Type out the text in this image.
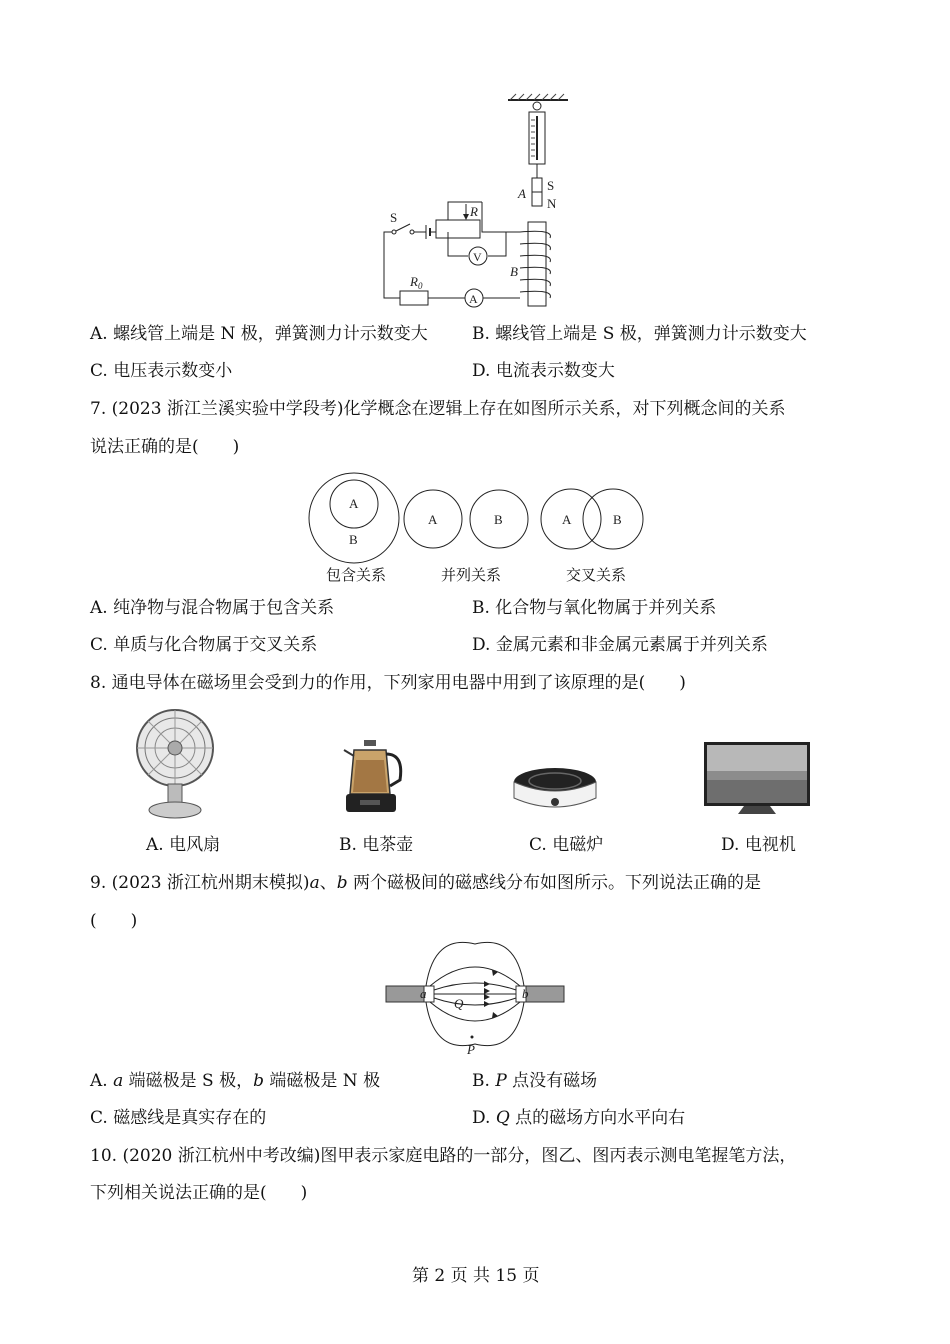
A
S
N
B
S	R
V
$R_0$
A
A. 螺线管上端是 N 极，弹簧测力计示数变大	B. 螺线管上端是 S 极，弹簧测力计示数变大
C. 电压表示数变小	D. 电流表示数变大
7. (2023 浙江兰溪实验中学段考)化学概念在逻辑上存在如图所示关系，对下列概念间的关系
说法正确的是(　　)
A
B
A	B	A	B
包含关系	并列关系	交叉关系
A. 纯净物与混合物属于包含关系	B. 化合物与氧化物属于并列关系
C. 单质与化合物属于交叉关系	D. 金属元素和非金属元素属于并列关系
8. 通电导体在磁场里会受到力的作用，下列家用电器中用到了该原理的是(　　)
A. 电风扇	B. 电茶壶	C. 电磁炉	D. 电视机
9. (2023 浙江杭州期末模拟)a、b 两个磁极间的磁感线分布如图所示。下列说法正确的是
(　　)
a	b
Q
P
A. a 端磁极是 S 极，b 端磁极是 N 极	B. P 点没有磁场
C. 磁感线是真实存在的	D. Q 点的磁场方向水平向右
10. (2020 浙江杭州中考改编)图甲表示家庭电路的一部分，图乙、图丙表示测电笔握笔方法，
下列相关说法正确的是(　　)
第 2 页 共 15 页
